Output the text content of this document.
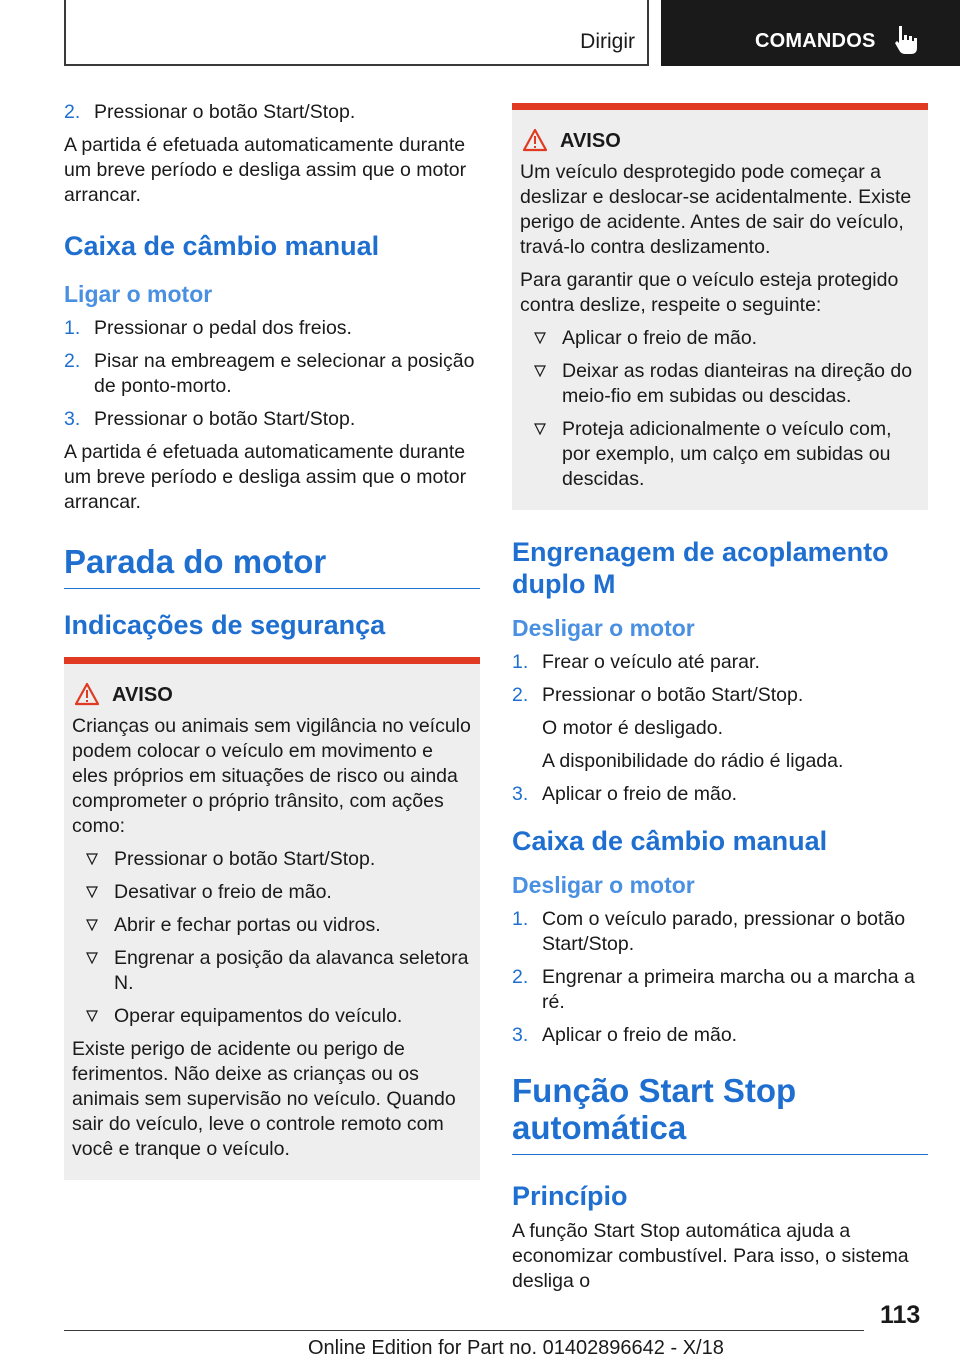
Dirigir	COMANDOS
2. Pressionar o botão Start/Stop.

A partida é efetuada automaticamente durante um breve período e desliga assim que o motor arrancar.

Caixa de câmbio manual
Ligar o motor
1. Pressionar o pedal dos freios.
2. Pisar na embreagem e selecionar a posição de ponto-morto.
3. Pressionar o botão Start/Stop.

A partida é efetuada automaticamente durante um breve período e desliga assim que o motor arrancar.

Parada do motor
Indicações de segurança
AVISO

Crianças ou animais sem vigilância no veículo podem colocar o veículo em movimento e eles próprios em situações de risco ou ainda comprometer o próprio trânsito, com ações como:

Pressionar o botão Start/Stop.
Desativar o freio de mão.
Abrir e fechar portas ou vidros.
Engrenar a posição da alavanca seletora N.
Operar equipamentos do veículo.

Existe perigo de acidente ou perigo de ferimentos. Não deixe as crianças ou os animais sem supervisão no veículo. Quando sair do veículo, leve o controle remoto com você e tranque o veículo.

AVISO

Um veículo desprotegido pode começar a deslizar e deslocar-se acidentalmente. Existe perigo de acidente. Antes de sair do veículo, travá-lo contra deslizamento.

Para garantir que o veículo esteja protegido contra deslize, respeite o seguinte:

Aplicar o freio de mão.
Deixar as rodas dianteiras na direção do meio-fio em subidas ou descidas.
Proteja adicionalmente o veículo com, por exemplo, um calço em subidas ou descidas.
Engrenagem de acoplamento duplo M
Desligar o motor
1. Frear o veículo até parar.
2. Pressionar o botão Start/Stop.

O motor é desligado.

A disponibilidade do rádio é ligada.

3. Aplicar o freio de mão.
Caixa de câmbio manual
Desligar o motor
1. Com o veículo parado, pressionar o botão Start/Stop.
2. Engrenar a primeira marcha ou a marcha a ré.
3. Aplicar o freio de mão.
Função Start Stop automática
Princípio

A função Start Stop automática ajuda a economizar combustível. Para isso, o sistema desliga o

113
Online Edition for Part no. 01402896642 - X/18
